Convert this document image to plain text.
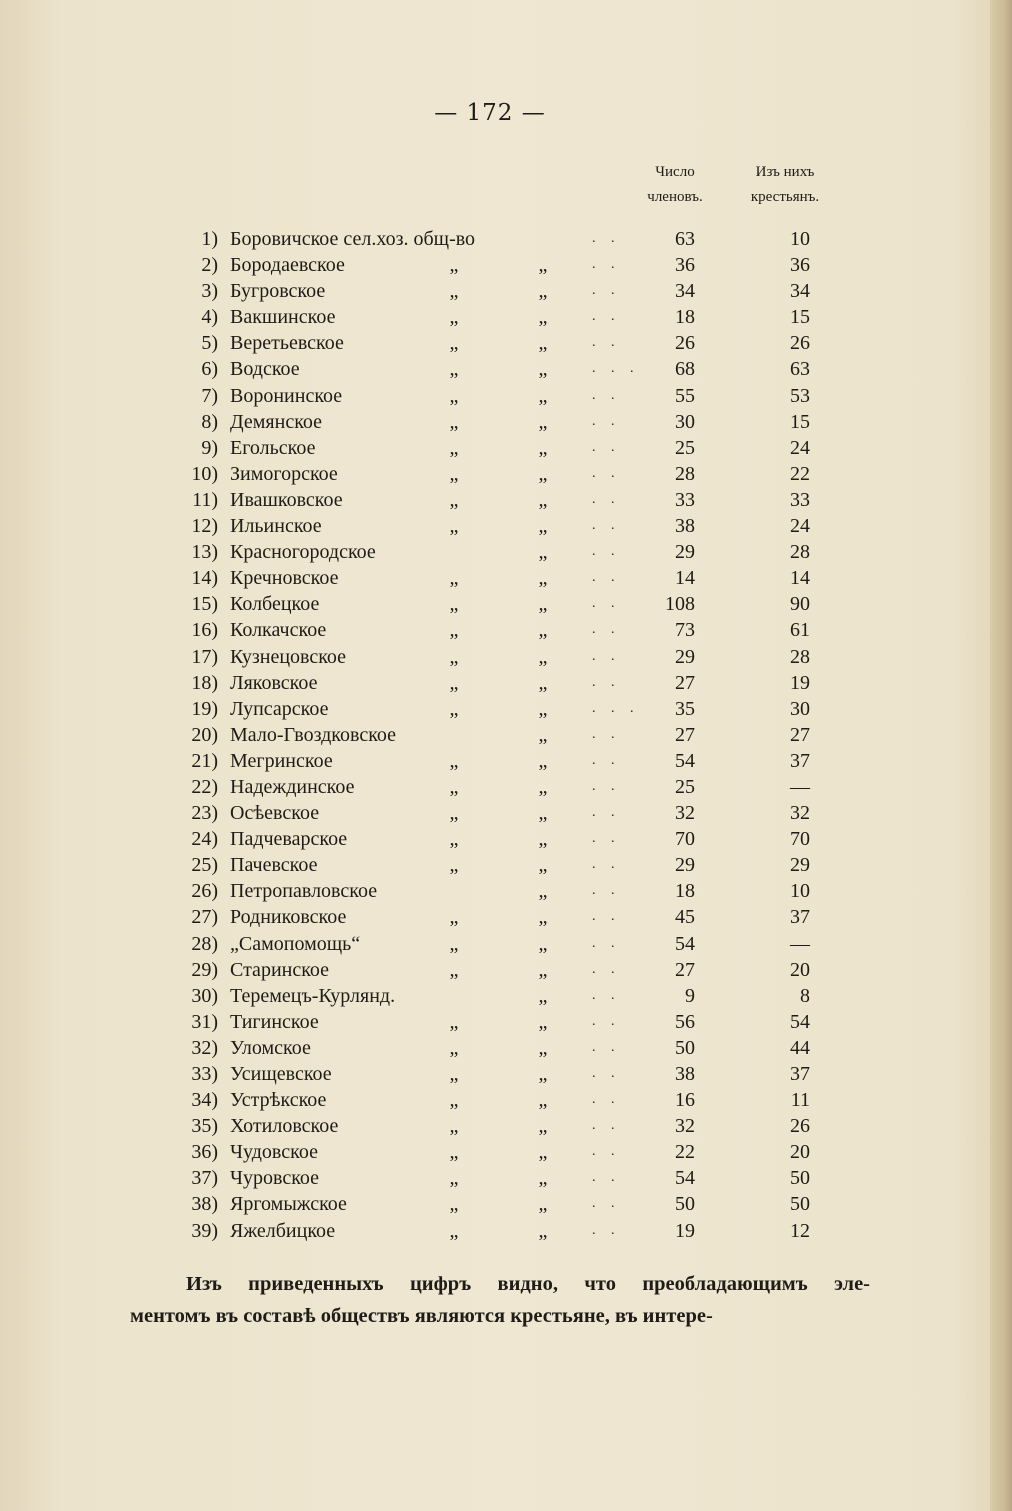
— 172 —
Число
членовъ.
Изъ нихъ
крестьянъ.
1) Боровичское сел.хоз. общ-во	. .	63	10
2) Бородаевское	„	„	. .	36	36
3) Бугровское	„	„	. .	34	34
4) Вакшинское	„	„	. .	18	15
5) Веретьевское	„	„	. .	26	26
6) Водское	„	„	. . .	68	63
7) Воронинское	„	„	. .	55	53
8) Демянское	„	„	. .	30	15
9) Егольское	„	„	. .	25	24
10) Зимогорское	„	„	. .	28	22
11) Ивашковское	„	„	. .	33	33
12) Ильинское	„	„	. .	38	24
13) Красногородское	„	. .	29	28
14) Кречновское	„	„	. .	14	14
15) Колбецкое	„	„	. .	108	90
16) Колкачское	„	„	. .	73	61
17) Кузнецовское	„	„	. .	29	28
18) Ляковское	„	„	. .	27	19
19) Лупсарское	„	„	. . .	35	30
20) Мало-Гвоздковское	„	. .	27	27
21) Мегринское	„	„	. .	54	37
22) Надеждинское	„	„	. .	25	—
23) Осѣевское	„	„	. .	32	32
24) Падчеварское	„	„	. .	70	70
25) Пачевское	„	„	. .	29	29
26) Петропавловское	„	. .	18	10
27) Родниковское	„	„	. .	45	37
28) „Самопомощь“	„	„	. .	54	—
29) Старинское	„	„	. .	27	20
30) Теремецъ-Курлянд.	„	. .	9	8
31) Тигинское	„	„	. .	56	54
32) Уломское	„	„	. .	50	44
33) Усищевское	„	„	. .	38	37
34) Устрѣкское	„	„	. .	16	11
35) Хотиловское	„	„	. .	32	26
36) Чудовское	„	„	. .	22	20
37) Чуровское	„	„	. .	54	50
38) Яргомыжское	„	„	. .	50	50
39) Яжелбицкое	„	„	. .	19	12
Изъ приведенныхъ цифръ видно, что преобладающимъ эле-
ментомъ въ составѣ обществъ являются крестьяне, въ интере-
